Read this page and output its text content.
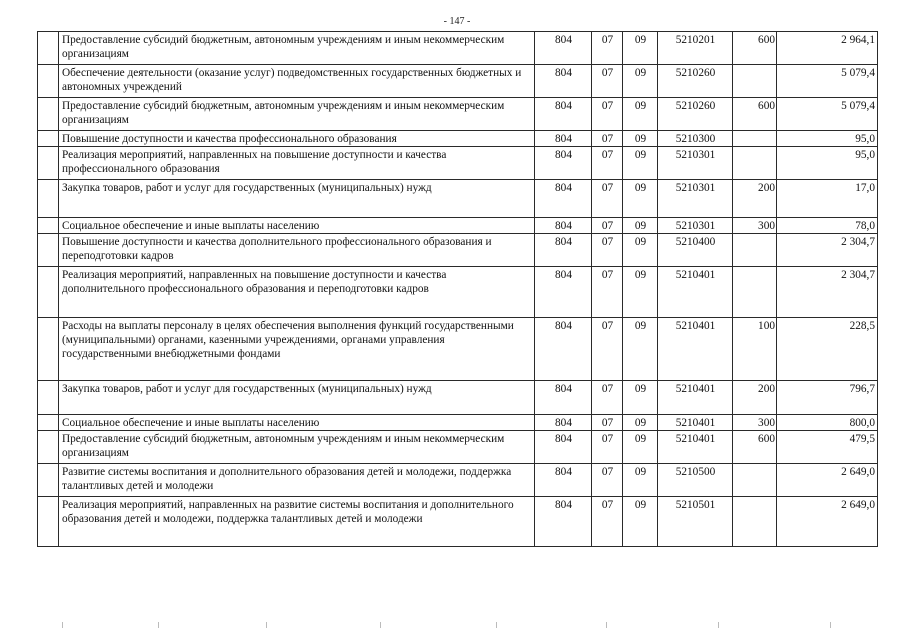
- 147 -
	Предоставление субсидий бюджетным, автономным учреждениям и иным некоммерческим организациям	804	07	09	5210201	600	2 964,1
	Обеспечение деятельности (оказание услуг) подведомственных государственных бюджетных и автономных учреждений	804	07	09	5210260		5 079,4
	Предоставление субсидий бюджетным, автономным учреждениям и иным некоммерческим организациям	804	07	09	5210260	600	5 079,4
	Повышение доступности и качества профессионального образования	804	07	09	5210300		95,0
	Реализация мероприятий, направленных на повышение доступности и качества профессионального образования	804	07	09	5210301		95,0
	Закупка товаров, работ и услуг для государственных (муниципальных) нужд	804	07	09	5210301	200	17,0
	Социальное обеспечение и иные выплаты населению	804	07	09	5210301	300	78,0
	Повышение доступности и качества дополнительного профессионального образования и переподготовки кадров	804	07	09	5210400		2 304,7
	Реализация мероприятий, направленных на повышение доступности и качества дополнительного профессионального образования и переподготовки кадров	804	07	09	5210401		2 304,7
	Расходы на выплаты персоналу в целях обеспечения выполнения функций государственными (муниципальными) органами, казенными учреждениями, органами управления государственными внебюджетными фондами	804	07	09	5210401	100	228,5
	Закупка товаров, работ и услуг для государственных (муниципальных) нужд	804	07	09	5210401	200	796,7
	Социальное обеспечение и иные выплаты населению	804	07	09	5210401	300	800,0
	Предоставление субсидий бюджетным, автономным учреждениям и иным некоммерческим организациям	804	07	09	5210401	600	479,5
	Развитие системы воспитания и дополнительного образования детей и молодежи, поддержка талантливых детей и молодежи	804	07	09	5210500		2 649,0
	Реализация мероприятий, направленных на развитие системы воспитания и дополнительного образования детей и молодежи, поддержка талантливых детей и молодежи	804	07	09	5210501		2 649,0
